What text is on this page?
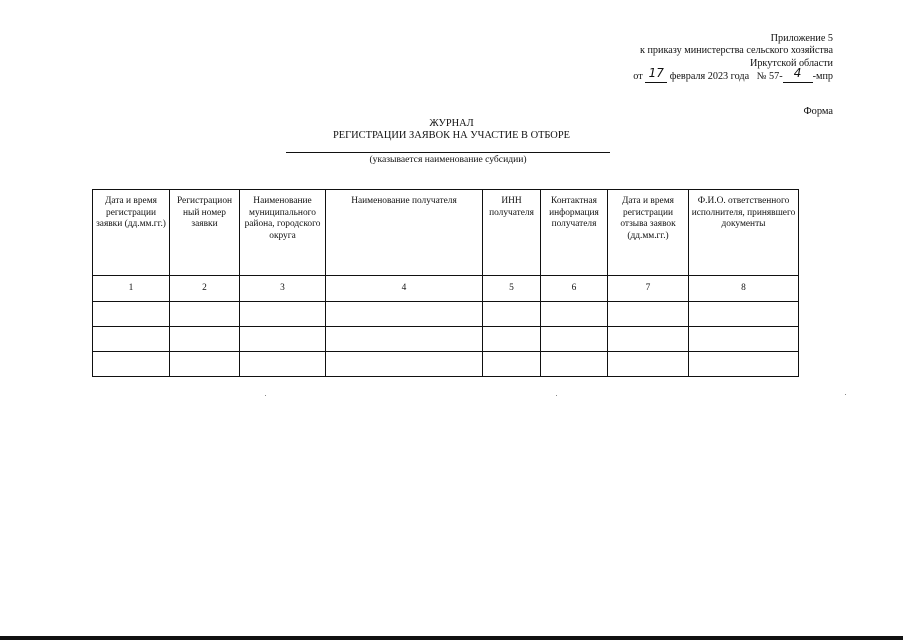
Приложение 5
к приказу министерства сельского хозяйства
Иркутской области
от 17 февраля 2023 года № 57- 4 -мпр
Форма
ЖУРНАЛ
РЕГИСТРАЦИИ ЗАЯВОК НА УЧАСТИЕ В ОТБОРЕ
(указывается наименование субсидии)
Дата и время регистрации заявки (дд.мм.гг.)	Регистрацион ный номер заявки	Наименование муниципального района, городского округа	Наименование получателя	ИНН получателя	Контактная информация получателя	Дата и время регистрации отзыва заявок (дд.мм.гг.)	Ф.И.О. ответственного исполнителя, принявшего документы
1	2	3	4	5	6	7	8
